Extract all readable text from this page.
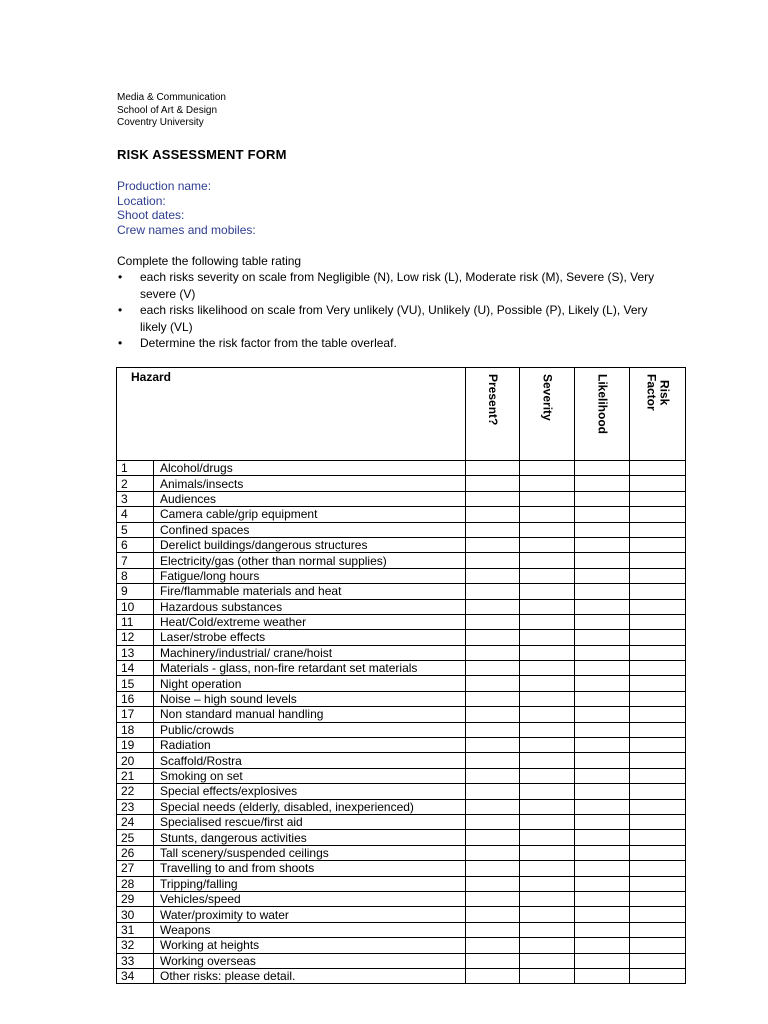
Media & Communication
School of Art & Design
Coventry University
RISK ASSESSMENT FORM
Production name:
Location:
Shoot dates:
Crew names and mobiles:
Complete the following table rating
• each risks severity on scale from Negligible (N), Low risk (L), Moderate risk (M), Severe (S), Very severe (V)
• each risks likelihood on scale from Very unlikely (VU), Unlikely (U), Possible (P), Likely (L), Very likely (VL)
• Determine the risk factor from the table overleaf.
Hazard		Present?	Severity	Likelihood	Risk
Factor

1	Alcohol/drugs				
2	Animals/insects				
3	Audiences				
4	Camera cable/grip equipment				
5	Confined spaces				
6	Derelict buildings/dangerous structures				
7	Electricity/gas (other than normal supplies)				
8	Fatigue/long hours				
9	Fire/flammable materials and heat				
10	Hazardous substances				
11	Heat/Cold/extreme weather				
12	Laser/strobe effects				
13	Machinery/industrial/ crane/hoist				
14	Materials - glass, non-fire retardant set materials				
15	Night operation				
16	Noise – high sound levels				
17	Non standard manual handling				
18	Public/crowds				
19	Radiation				
20	Scaffold/Rostra				
21	Smoking on set				
22	Special effects/explosives				
23	Special needs (elderly, disabled, inexperienced)				
24	Specialised rescue/first aid				
25	Stunts, dangerous activities				
26	Tall scenery/suspended ceilings				
27	Travelling to and from shoots				
28	Tripping/falling				
29	Vehicles/speed				
30	Water/proximity to water				
31	Weapons				
32	Working at heights				
33	Working overseas				
34	Other risks: please detail.				
